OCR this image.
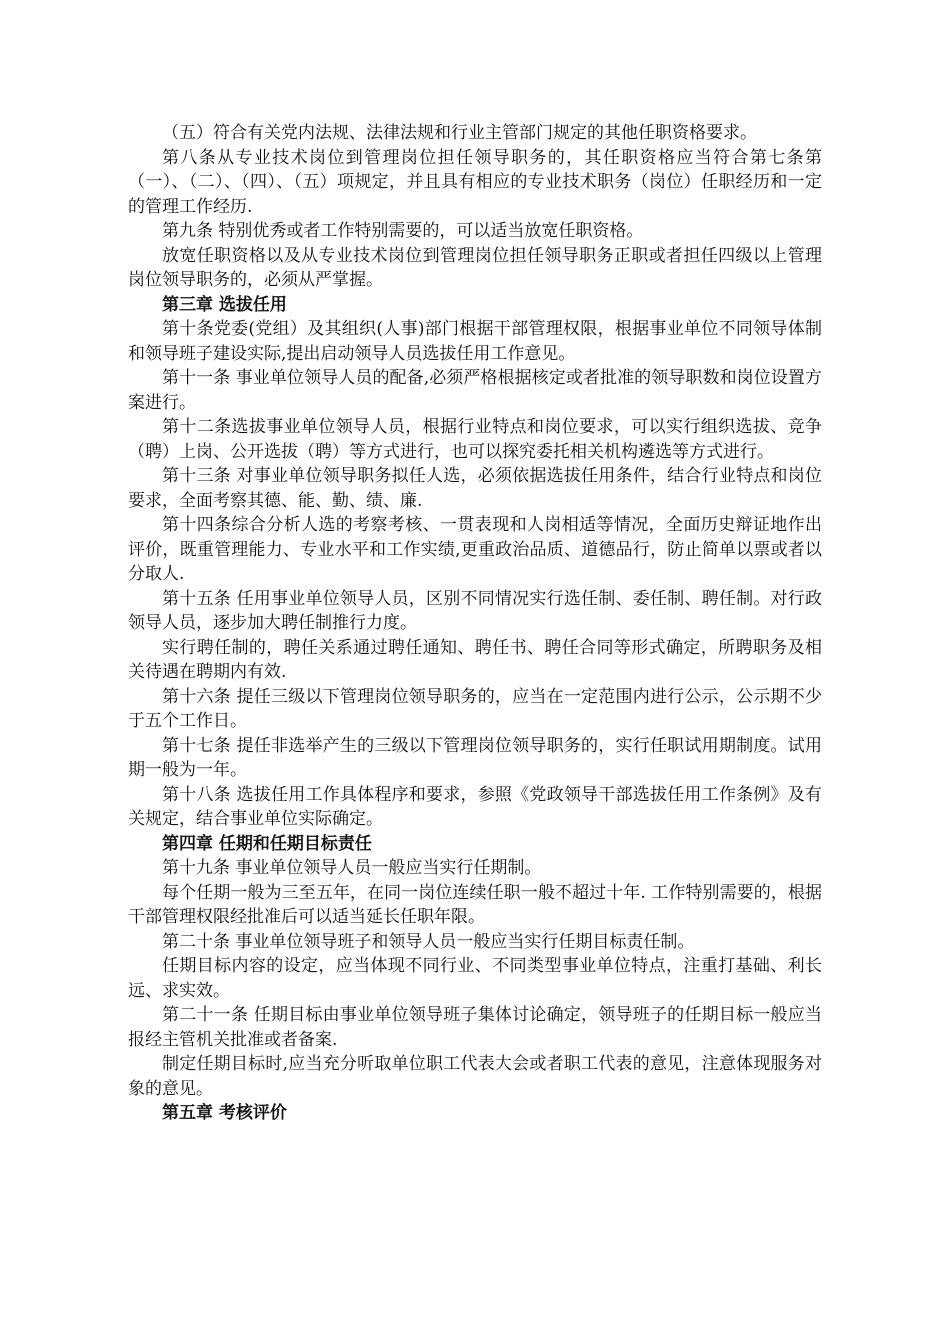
（五）符合有关党内法规、法律法规和行业主管部门规定的其他任职资格要求。

第八条从专业技术岗位到管理岗位担任领导职务的，其任职资格应当符合第七条第（一）、（二）、（四）、（五）项规定，并且具有相应的专业技术职务（岗位）任职经历和一定的管理工作经历.

第九条 特别优秀或者工作特别需要的，可以适当放宽任职资格。

放宽任职资格以及从专业技术岗位到管理岗位担任领导职务正职或者担任四级以上管理岗位领导职务的，必须从严掌握。

第三章 选拔任用

第十条党委(党组）及其组织(人事)部门根据干部管理权限，根据事业单位不同领导体制和领导班子建设实际,提出启动领导人员选拔任用工作意见。

第十一条 事业单位领导人员的配备,必须严格根据核定或者批准的领导职数和岗位设置方案进行。

第十二条选拔事业单位领导人员，根据行业特点和岗位要求，可以实行组织选拔、竞争（聘）上岗、公开选拔（聘）等方式进行，也可以探究委托相关机构遴选等方式进行。

第十三条 对事业单位领导职务拟任人选，必须依据选拔任用条件，结合行业特点和岗位要求，全面考察其德、能、勤、绩、廉.

第十四条综合分析人选的考察考核、一贯表现和人岗相适等情况，全面历史辩证地作出评价，既重管理能力、专业水平和工作实绩,更重政治品质、道德品行，防止简单以票或者以分取人.

第十五条 任用事业单位领导人员，区别不同情况实行选任制、委任制、聘任制。对行政领导人员，逐步加大聘任制推行力度。

实行聘任制的，聘任关系通过聘任通知、聘任书、聘任合同等形式确定，所聘职务及相关待遇在聘期内有效.

第十六条 提任三级以下管理岗位领导职务的，应当在一定范围内进行公示，公示期不少于五个工作日。

第十七条 提任非选举产生的三级以下管理岗位领导职务的，实行任职试用期制度。试用期一般为一年。

第十八条 选拔任用工作具体程序和要求，参照《党政领导干部选拔任用工作条例》及有关规定，结合事业单位实际确定。

第四章 任期和任期目标责任

第十九条 事业单位领导人员一般应当实行任期制。

每个任期一般为三至五年，在同一岗位连续任职一般不超过十年. 工作特别需要的，根据干部管理权限经批准后可以适当延长任职年限。

第二十条 事业单位领导班子和领导人员一般应当实行任期目标责任制。

任期目标内容的设定，应当体现不同行业、不同类型事业单位特点，注重打基础、利长远、求实效。

第二十一条 任期目标由事业单位领导班子集体讨论确定，领导班子的任期目标一般应当报经主管机关批准或者备案.

制定任期目标时,应当充分听取单位职工代表大会或者职工代表的意见，注意体现服务对象的意见。

第五章 考核评价
